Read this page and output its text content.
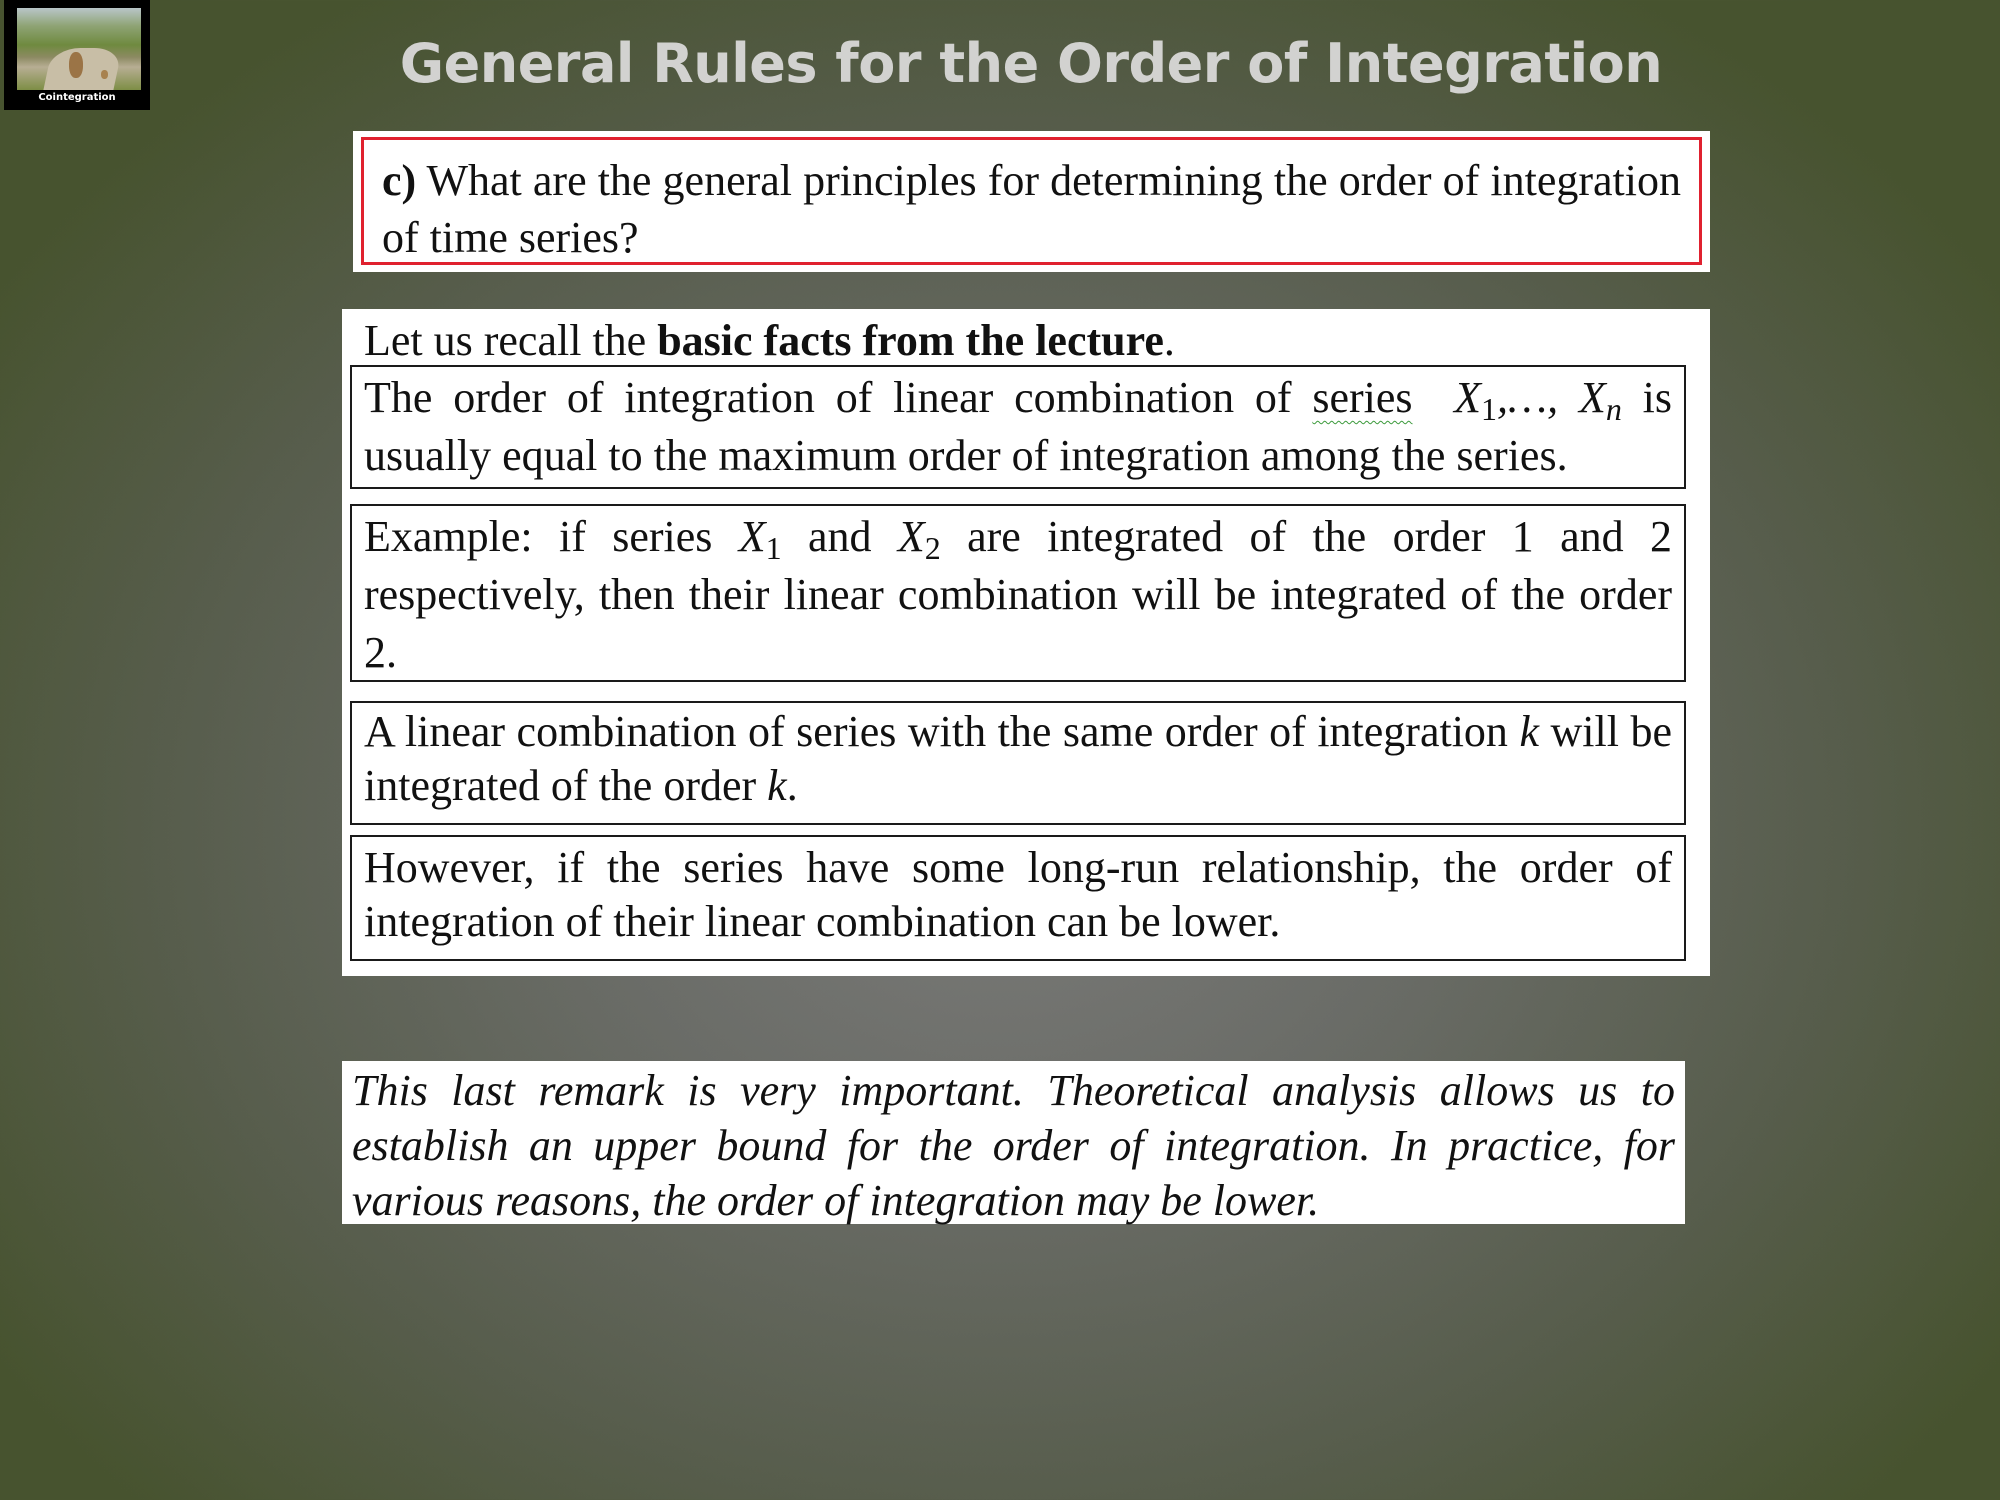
Cointegration
General Rules for the Order of Integration
c) What are the general principles for determining the order of integration of time series?
Let us recall the basic facts from the lecture.
The order of integration of linear combination of series $X_1,\dots$, $X_n$ is usually equal to the maximum order of integration among the series.
Example: if series $X_1$ and $X_2$ are integrated of the order 1 and 2 respectively, then their linear combination will be integrated of the order 2.
A linear combination of series with the same order of integration k will be integrated of the order k.
However, if the series have some long-run relationship, the order of integration of their linear combination can be lower.
This last remark is very important. Theoretical analysis allows us to establish an upper bound for the order of integration. In practice, for various reasons, the order of integration may be lower.
